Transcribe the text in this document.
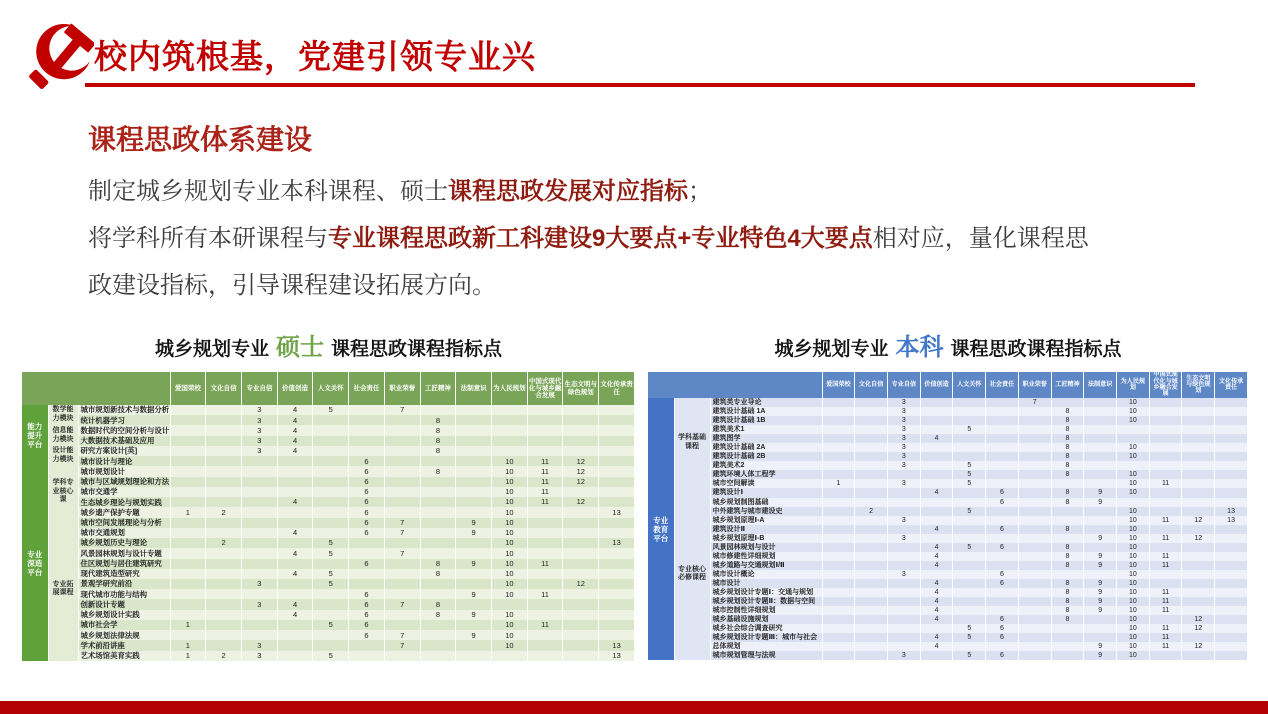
校内筑根基，党建引领专业兴
课程思政体系建设
制定城乡规划专业本科课程、硕士课程思政发展对应指标；
将学科所有本研课程与专业课程思政新工科建设9大要点+专业特色4大要点相对应，量化课程思
政建设指标，引导课程建设拓展方向。
城乡规划专业 硕士 课程思政课程指标点	城乡规划专业 本科 课程思政课程指标点
			爱国荣校	文化自信	专业自信	价值创造	人文关怀	社会责任	职业荣誉	工匠精神	法制意识	为人民规划	中国式现代化与城乡融合发展	生态文明与绿色规划	文化传承责任
能力提升平台	数学能力模块	城市规划新技术与数据分析			3	4	5		7						
		统计机器学习			3	4				8					
	信息能力模块	数据时代的空间分析与设计			3	4				8					
		大数据技术基础及应用			3	4				8					
	设计能力模块	研究方案设计[英]			3	4				8					
		城市设计与理论						6				10	11	12	
专业深造平台	学科专业核心课	城市规划设计						6		8		10	11	12	
		城市与区域规划理论和方法						6				10	11	12	
		城市交通学						6				10	11		
		生态城乡理论与规划实践				4		6				10	11	12	
		城乡遗产保护专题	1	2				6				10			13
	专业拓展课程	城市空间发展理论与分析						6	7		9	10			
		城市交通规划				4		6	7		9	10			
		城乡规划历史与理论		2			5					10			13
		风景园林规划与设计专题				4	5		7			10			
		住区规划与居住建筑研究						6		8	9	10	11		
		现代建筑造型研究				4	5			8		10			
		景观学研究前沿			3		5					10		12	
		现代城市功能与结构						6			9	10	11		
		创新设计专题			3	4		6	7	8					
		城乡规划设计实践				4		6		8	9	10			
		城市社会学	1				5	6				10	11		
		城乡规划法律法规						6	7		9	10			
		学术前沿讲座	1		3				7			10			13
		艺术场馆美育实践	1	2	3		5								13
			爱国荣校	文化自信	专业自信	价值创造	人文关怀	社会责任	职业荣誉	工匠精神	法制意识	为人民规划	中国式现代化与城乡融合发展	生态文明与绿色规划	文化传承责任
专业教育平台	学科基础课程	建筑类专业导论			3				7			10			
		建筑设计基础 1A			3					8		10			
		建筑设计基础 1B			3					8		10			
		建筑美术1			3		5			8					
		建筑图学			3	4				8					
		建筑设计基础 2A			3					8		10			
		建筑设计基础 2B			3					8		10			
		建筑美术2			3		5			8					
		建筑环境人体工程学					5			8		10			
		城市空间解读	1		3		5					10	11		
	专业核心必修课程	建筑设计Ⅰ				4		6		8	9	10			
		城乡规划制图基础						6		8	9				
		中外建筑与城市建设史		2			5					10			13
		城乡规划原理Ⅰ-A			3							10	11	12	13
		建筑设计Ⅱ				4		6		8		10			
		城乡规划原理Ⅰ-B			3						9	10	11	12	
		风景园林规划与设计				4	5	6		8		10			
		城市修建性详细规划				4				8	9	10	11		
		城乡道路与交通规划Ⅰ/Ⅱ				4				8	9	10	11		
		城市设计概论			3			6				10			
		城市设计				4		6		8	9	10			
		城乡规划设计专题Ⅰ：交通与规划				4				8	9	10	11		
		城乡规划设计专题Ⅱ：数据与空间				4				8	9	10	11		
		城市控制性详细规划				4				8	9	10	11		
		城乡基础设施规划				4		6		8		10		12	
		城乡社会综合调查研究					5	6				10	11	12	
		城乡规划设计专题Ⅲ：城市与社会				4	5	6				10	11		
		总体规划				4					9	10	11	12	
		城市规划管理与法规			3		5	6			9	10			
